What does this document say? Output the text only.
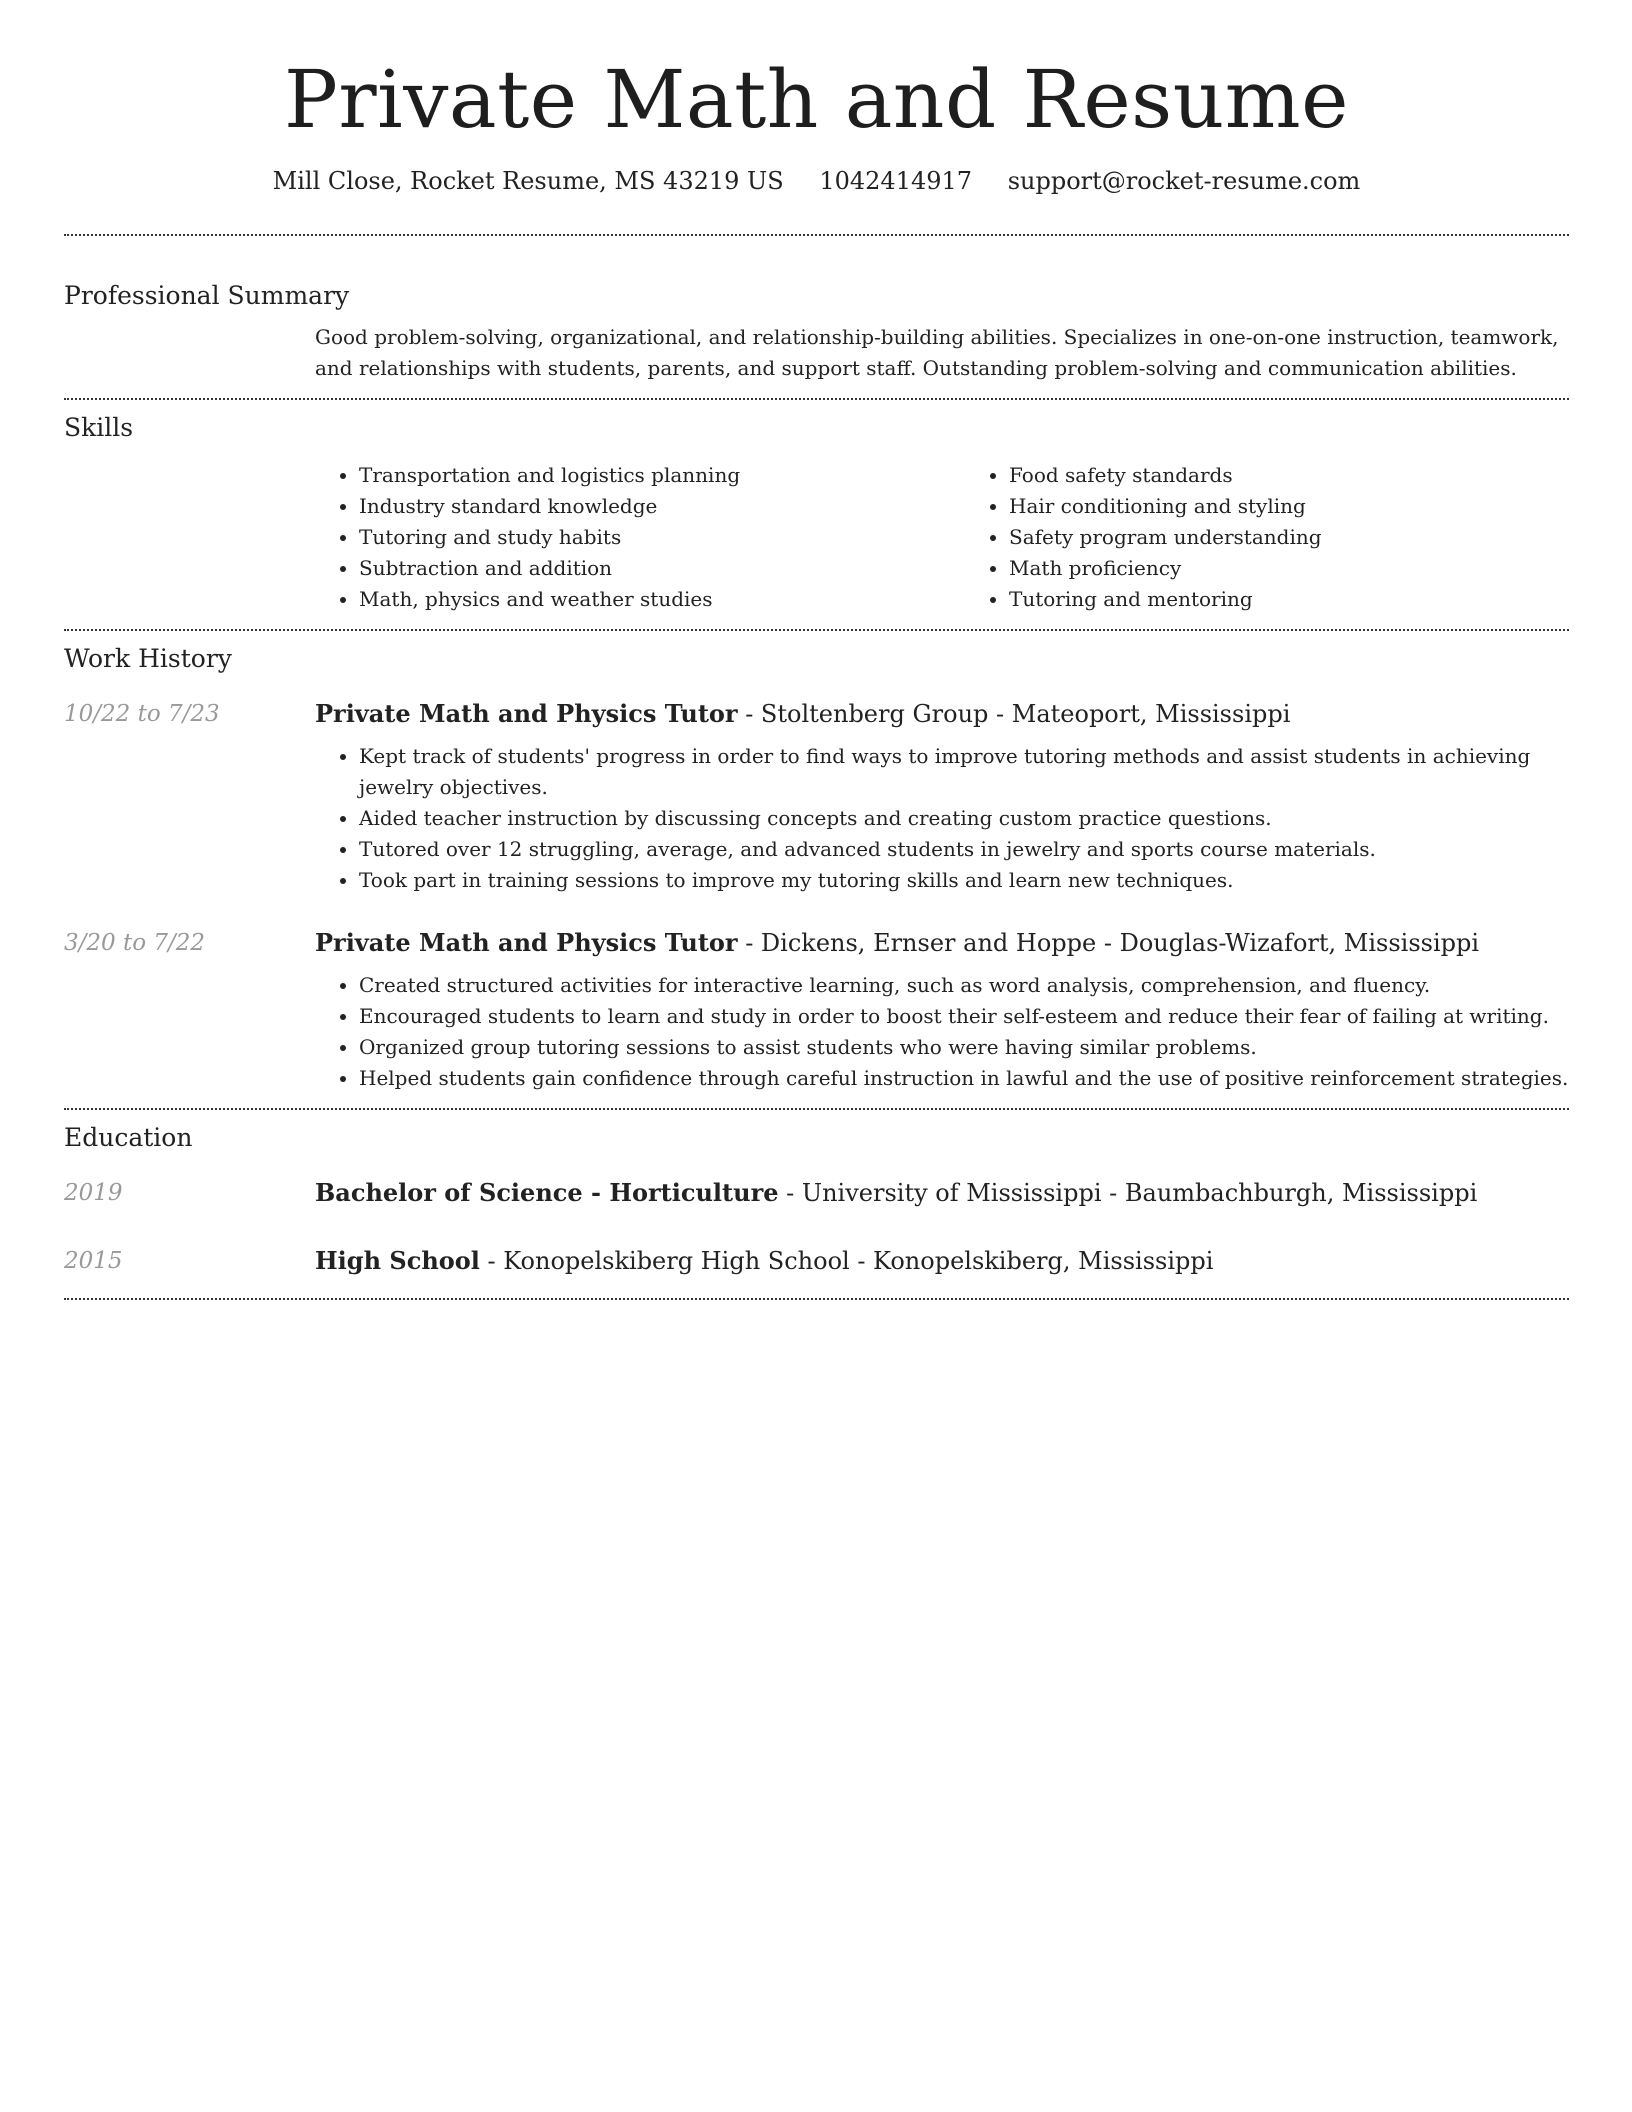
Private Math and Resume
Mill Close, Rocket Resume, MS 43219 US 1042414917 support@rocket-resume.com
Professional Summary

Good problem-solving, organizational, and relationship-building abilities. Specializes in one-on-one instruction, teamwork, and relationships with students, parents, and support staff. Outstanding problem-solving and communication abilities.

Skills
• Transportation and logistics planning
• Industry standard knowledge
• Tutoring and study habits
• Subtraction and addition
• Math, physics and weather studies
• Food safety standards
• Hair conditioning and styling
• Safety program understanding
• Math proficiency
• Tutoring and mentoring
Work History
10/22 to 7/23	Private Math and Physics Tutor - Stoltenberg Group - Mateoport, Mississippi
• Kept track of students' progress in order to find ways to improve tutoring methods and assist students in achieving jewelry objectives.
• Aided teacher instruction by discussing concepts and creating custom practice questions.
• Tutored over 12 struggling, average, and advanced students in jewelry and sports course materials.
• Took part in training sessions to improve my tutoring skills and learn new techniques.
3/20 to 7/22	Private Math and Physics Tutor - Dickens, Ernser and Hoppe - Douglas-Wizafort, Mississippi
• Created structured activities for interactive learning, such as word analysis, comprehension, and fluency.
• Encouraged students to learn and study in order to boost their self-esteem and reduce their fear of failing at writing.
• Organized group tutoring sessions to assist students who were having similar problems.
• Helped students gain confidence through careful instruction in lawful and the use of positive reinforcement strategies.
Education
2019	Bachelor of Science - Horticulture - University of Mississippi - Baumbachburgh, Mississippi
2015	High School - Konopelskiberg High School - Konopelskiberg, Mississippi
